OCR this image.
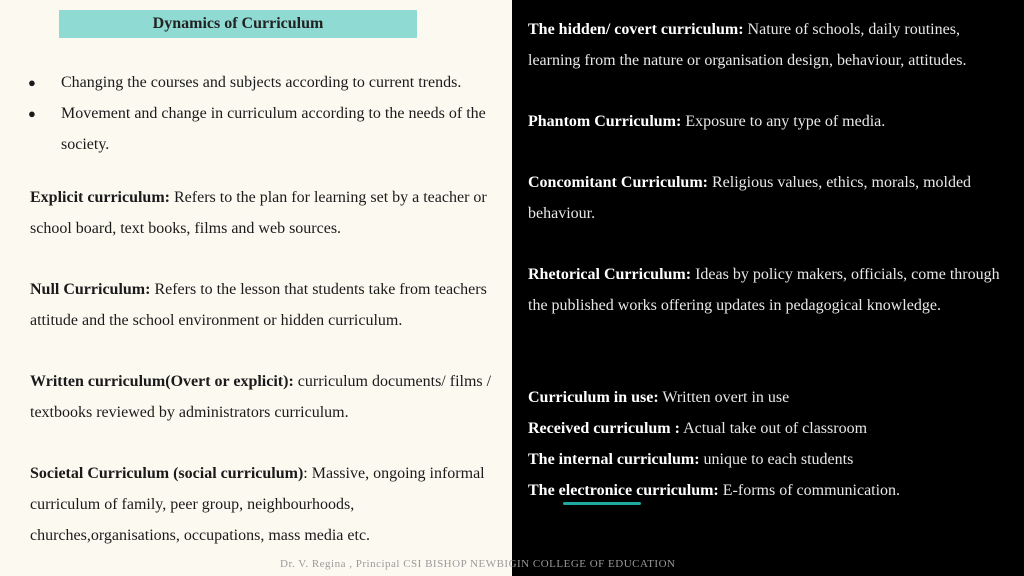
Dynamics of Curriculum
● Changing the courses and subjects according to current trends.
● Movement and change in curriculum according to the needs of the society.

Explicit curriculum: Refers to the plan for learning set by a teacher or school board, text books, films and web sources.

Null Curriculum: Refers to the lesson that students take from teachers attitude and the school environment or hidden curriculum.

Written curriculum(Overt or explicit): curriculum documents/ films / textbooks reviewed by administrators curriculum.

Societal Curriculum (social curriculum): Massive, ongoing informal curriculum of family, peer group, neighbourhoods, churches,organisations, occupations, mass media etc.

The hidden/ covert curriculum: Nature of schools, daily routines, learning from the nature or organisation design, behaviour, attitudes.

Phantom Curriculum: Exposure to any type of media.

Concomitant Curriculum: Religious values, ethics, morals, molded behaviour.

Rhetorical Curriculum: Ideas by policy makers, officials, come through the published works offering updates in pedagogical knowledge.

Curriculum in use: Written overt in use

Received curriculum : Actual take out of classroom

The internal curriculum: unique to each students

The electronice curriculum: E-forms of communication.

Dr. V. Regina , Principal CSI BISHOP NEWBIGIN COLLEGE OF EDUCATION
